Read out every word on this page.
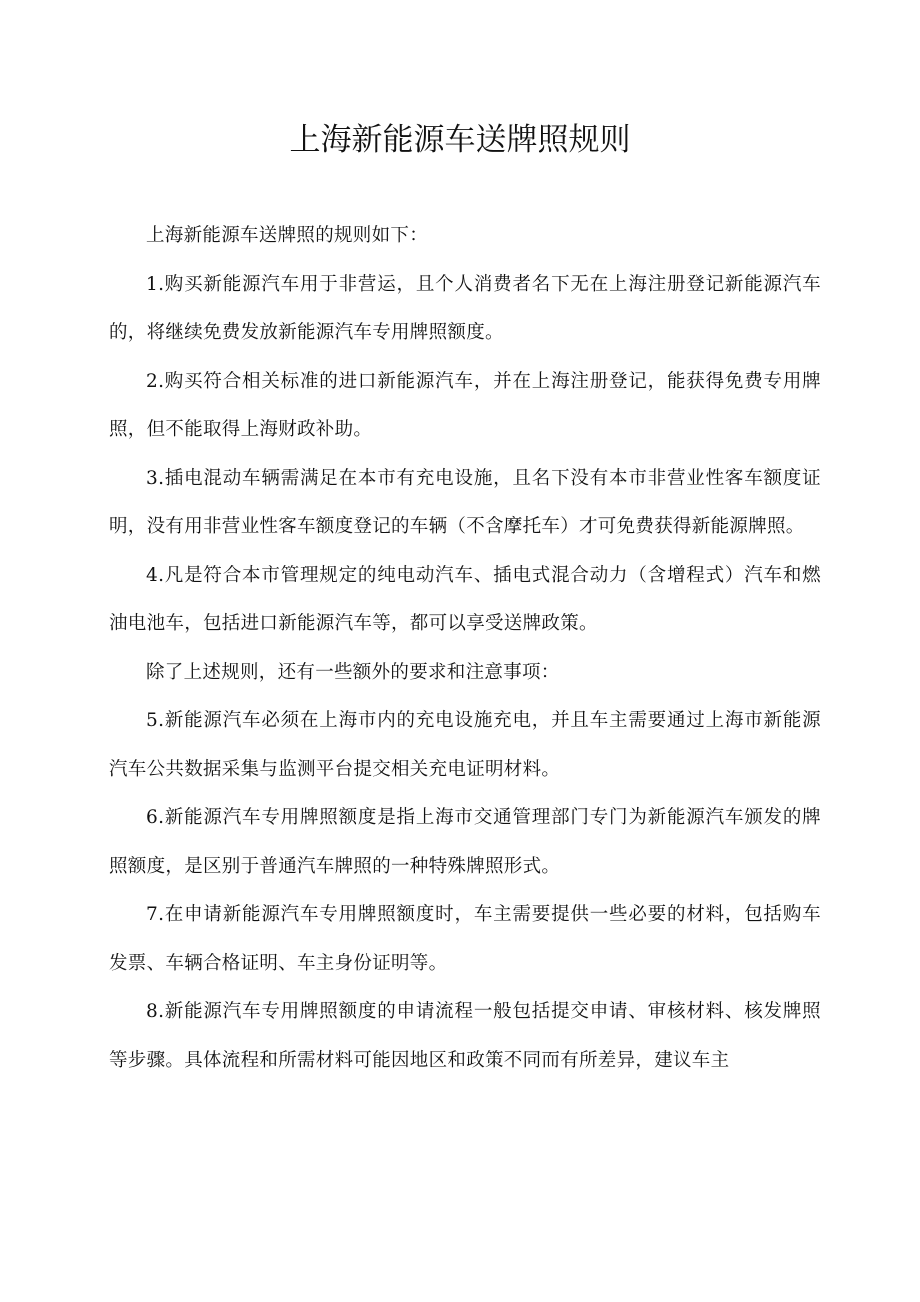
上海新能源车送牌照规则

上海新能源车送牌照的规则如下：

1.购买新能源汽车用于非营运，且个人消费者名下无在上海注册登记新能源汽车的，将继续免费发放新能源汽车专用牌照额度。

2.购买符合相关标准的进口新能源汽车，并在上海注册登记，能获得免费专用牌照，但不能取得上海财政补助。

3.插电混动车辆需满足在本市有充电设施，且名下没有本市非营业性客车额度证明，没有用非营业性客车额度登记的车辆（不含摩托车）才可免费获得新能源牌照。

4.凡是符合本市管理规定的纯电动汽车、插电式混合动力（含增程式）汽车和燃油电池车，包括进口新能源汽车等，都可以享受送牌政策。

除了上述规则，还有一些额外的要求和注意事项：

5.新能源汽车必须在上海市内的充电设施充电，并且车主需要通过上海市新能源汽车公共数据采集与监测平台提交相关充电证明材料。

6.新能源汽车专用牌照额度是指上海市交通管理部门专门为新能源汽车颁发的牌照额度，是区别于普通汽车牌照的一种特殊牌照形式。

7.在申请新能源汽车专用牌照额度时，车主需要提供一些必要的材料，包括购车发票、车辆合格证明、车主身份证明等。

8.新能源汽车专用牌照额度的申请流程一般包括提交申请、审核材料、核发牌照等步骤。具体流程和所需材料可能因地区和政策不同而有所差异，建议车主
